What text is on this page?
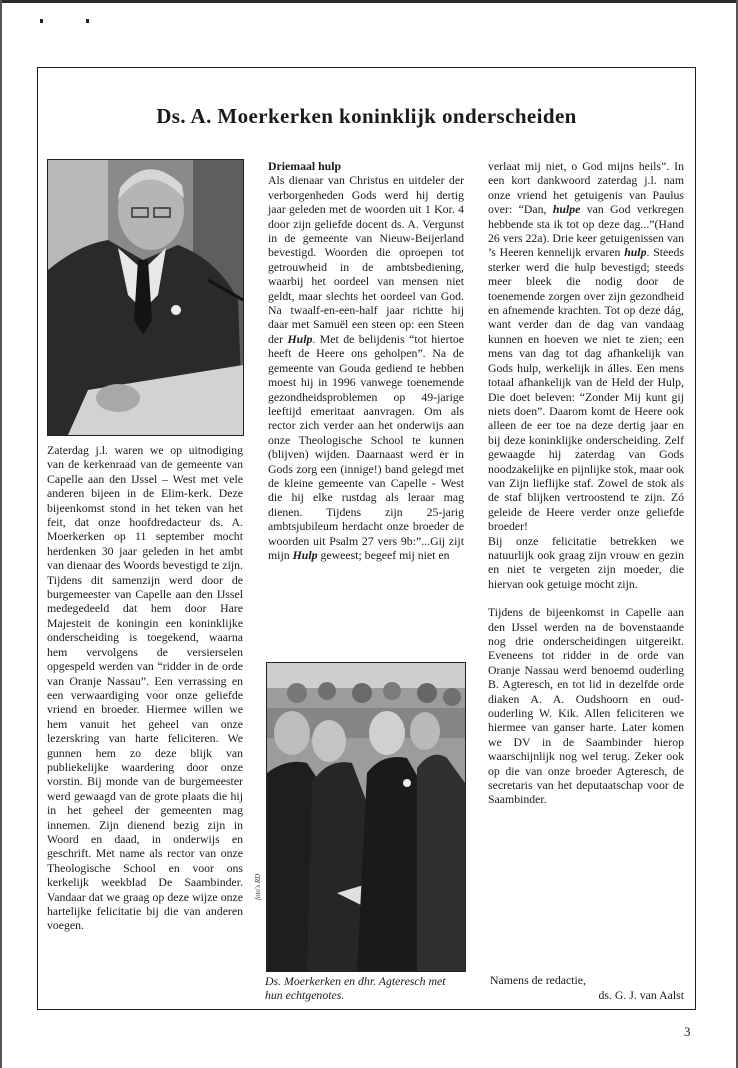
Ds. A. Moerkerken koninklijk onderscheiden
foto's RD

Ds. Moerkerken en dhr. Agteresch met hun echtgenotes.

Zaterdag j.l. waren we op uitnodiging van de kerkenraad van de gemeente van Capelle aan den IJssel – West met vele anderen bijeen in de Elim-kerk. Deze bijeenkomst stond in het teken van het feit, dat onze hoofdredacteur ds. A. Moerkerken op 11 september mocht herdenken 30 jaar geleden in het ambt van dienaar des Woords bevestigd te zijn. Tijdens dit samenzijn werd door de burgemeester van Capelle aan den IJssel medegedeeld dat hem door Hare Majesteit de koningin een koninklijke onderscheiding is toegekend, waarna hem vervolgens de versierselen opgespeld werden van “ridder in de orde van Oranje Nassau”. Een verrassing en een verwaardiging voor onze geliefde vriend en broeder. Hiermee willen we hem vanuit het geheel van onze lezerskring van harte feliciteren. We gunnen hem zo deze blijk van publiekelijke waardering door onze vorstin. Bij monde van de burgemeester werd gewaagd van de grote plaats die hij in het geheel der gemeenten mag innemen. Zijn dienend bezig zijn in Woord en daad, in onderwijs en geschrift. Met name als rector van onze Theologische School en voor ons kerkelijk weekblad De Saambinder. Vandaar dat we graag op deze wijze onze hartelijke felicitatie bij die van anderen voegen.

Driemaal hulp

Als dienaar van Christus en uitdeler der verborgenheden Gods werd hij dertig jaar geleden met de woorden uit 1 Kor. 4 door zijn geliefde docent ds. A. Vergunst in de gemeente van Nieuw-Beijerland bevestigd. Woorden die oproepen tot getrouwheid in de ambtsbediening, waarbij het oordeel van mensen niet geldt, maar slechts het oordeel van God. Na twaalf-en-een-half jaar richtte hij daar met Samuël een steen op: een Steen der Hulp. Met de belijdenis “tot hiertoe heeft de Heere ons geholpen”. Na de gemeente van Gouda gediend te hebben moest hij in 1996 vanwege toenemende gezondheidsproblemen op 49-jarige leeftijd emeritaat aanvragen. Om als rector zich verder aan het onderwijs aan onze Theologische School te kunnen (blijven) wijden. Daarnaast werd er in Gods zorg een (innige!) band gelegd met de kleine gemeente van Capelle - West die hij elke rustdag als leraar mag dienen. Tijdens zijn 25-jarig ambtsjubileum herdacht onze broeder de woorden uit Psalm 27 vers 9b:”...Gij zijt mijn Hulp geweest; begeef mij niet en

verlaat mij niet, o God mijns heils”. In een kort dankwoord zaterdag j.l. nam onze vriend het getuigenis van Paulus over: “Dan, hulpe van God verkregen hebbende sta ik tot op deze dag...”(Hand 26 vers 22a). Drie keer getuigenissen van ’s Heeren kennelijk ervaren hulp. Steeds sterker werd die hulp bevestigd; steeds meer bleek die nodig door de toenemende zorgen over zijn gezondheid en afnemende krachten. Tot op deze dág, want verder dan de dag van vandaag kunnen en hoeven we niet te zien; een mens van dag tot dag afhankelijk van Gods hulp, werkelijk in álles. Een mens totaal afhankelijk van de Held der Hulp, Die doet beleven: “Zonder Mij kunt gij niets doen”. Daarom komt de Heere ook alleen de eer toe na deze dertig jaar en bij deze koninklijke onderscheiding. Zelf gewaagde hij zaterdag van Gods noodzakelijke en pijnlijke stok, maar ook van Zijn lieflijke staf. Zowel de stok als de staf blijken vertroostend te zijn. Zó geleide de Heere verder onze geliefde broeder!

Bij onze felicitatie betrekken we natuurlijk ook graag zijn vrouw en gezin en niet te vergeten zijn moeder, die hiervan ook getuige mocht zijn.

Tijdens de bijeenkomst in Capelle aan den IJssel werden na de bovenstaande nog drie onderscheidingen uitgereikt. Eveneens tot ridder in de orde van Oranje Nassau werd benoemd ouderling B. Agteresch, en tot lid in dezelfde orde diaken A. A. Oudshoorn en oud-ouderling W. Kik. Allen feliciteren we hiermee van ganser harte. Later komen we DV in de Saambinder hierop waarschijnlijk nog wel terug. Zeker ook op die van onze broeder Agteresch, de secretaris van het deputaatschap voor de Saambinder.

Namens de redactie,
ds. G. J. van Aalst
3
